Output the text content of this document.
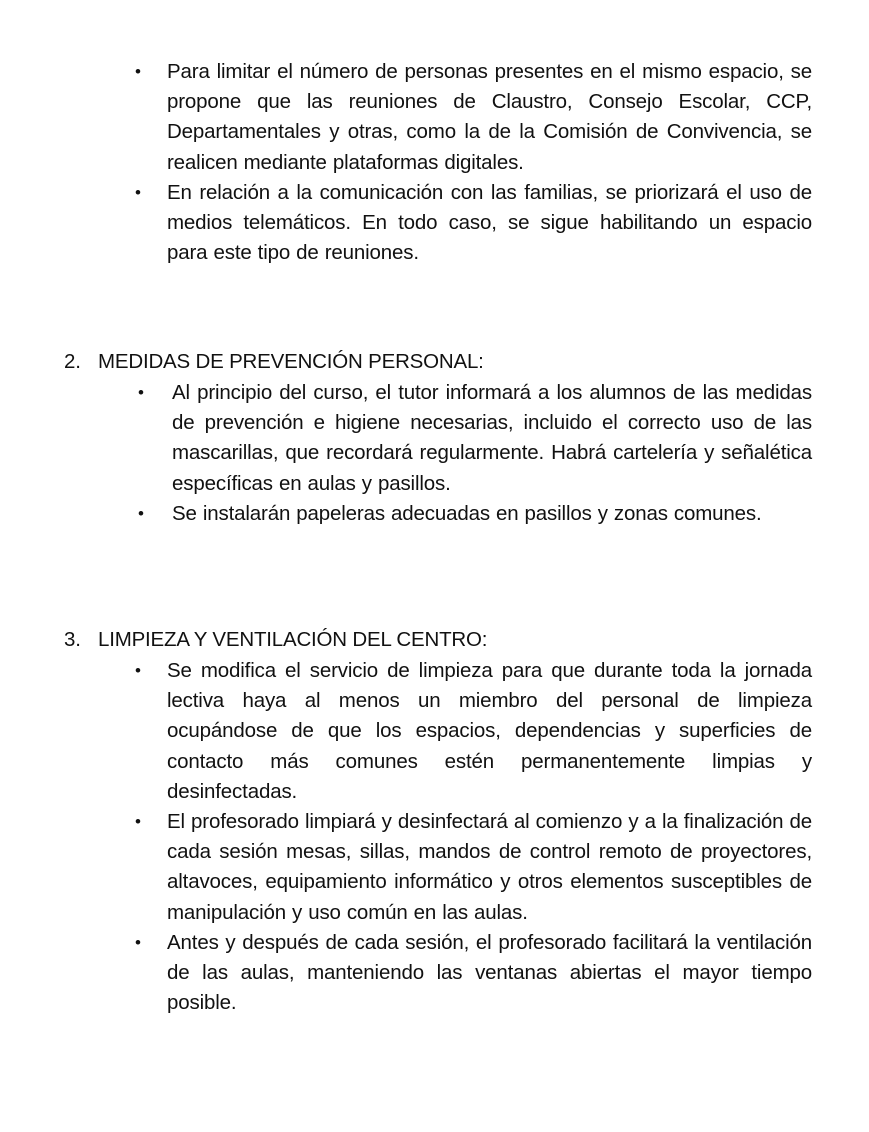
• Para limitar el número de personas presentes en el mismo espacio, se propone que las reuniones de Claustro, Consejo Escolar, CCP, Departamentales y otras, como la de la Comisión de Convivencia, se realicen mediante plataformas digitales.
• En relación a la comunicación con las familias, se priorizará el uso de medios telemáticos. En todo caso, se sigue habilitando un espacio para este tipo de reuniones.
2. MEDIDAS DE PREVENCIÓN PERSONAL:
• Al principio del curso, el tutor informará a los alumnos de las medidas de prevención e higiene necesarias, incluido el correcto uso de las mascarillas, que recordará regularmente. Habrá cartelería y señalética específicas en aulas y pasillos.
• Se instalarán papeleras adecuadas en pasillos y zonas comunes.
3. LIMPIEZA Y VENTILACIÓN DEL CENTRO:
• Se modifica el servicio de limpieza para que durante toda la jornada lectiva haya al menos un miembro del personal de limpieza ocupándose de que los espacios, dependencias y superficies de contacto más comunes estén permanentemente limpias y desinfectadas.
• El profesorado limpiará y desinfectará al comienzo y a la finalización de cada sesión mesas, sillas, mandos de control remoto de proyectores, altavoces, equipamiento informático y otros elementos susceptibles de manipulación y uso común en las aulas.
• Antes y después de cada sesión, el profesorado facilitará la ventilación de las aulas, manteniendo las ventanas abiertas el mayor tiempo posible.
